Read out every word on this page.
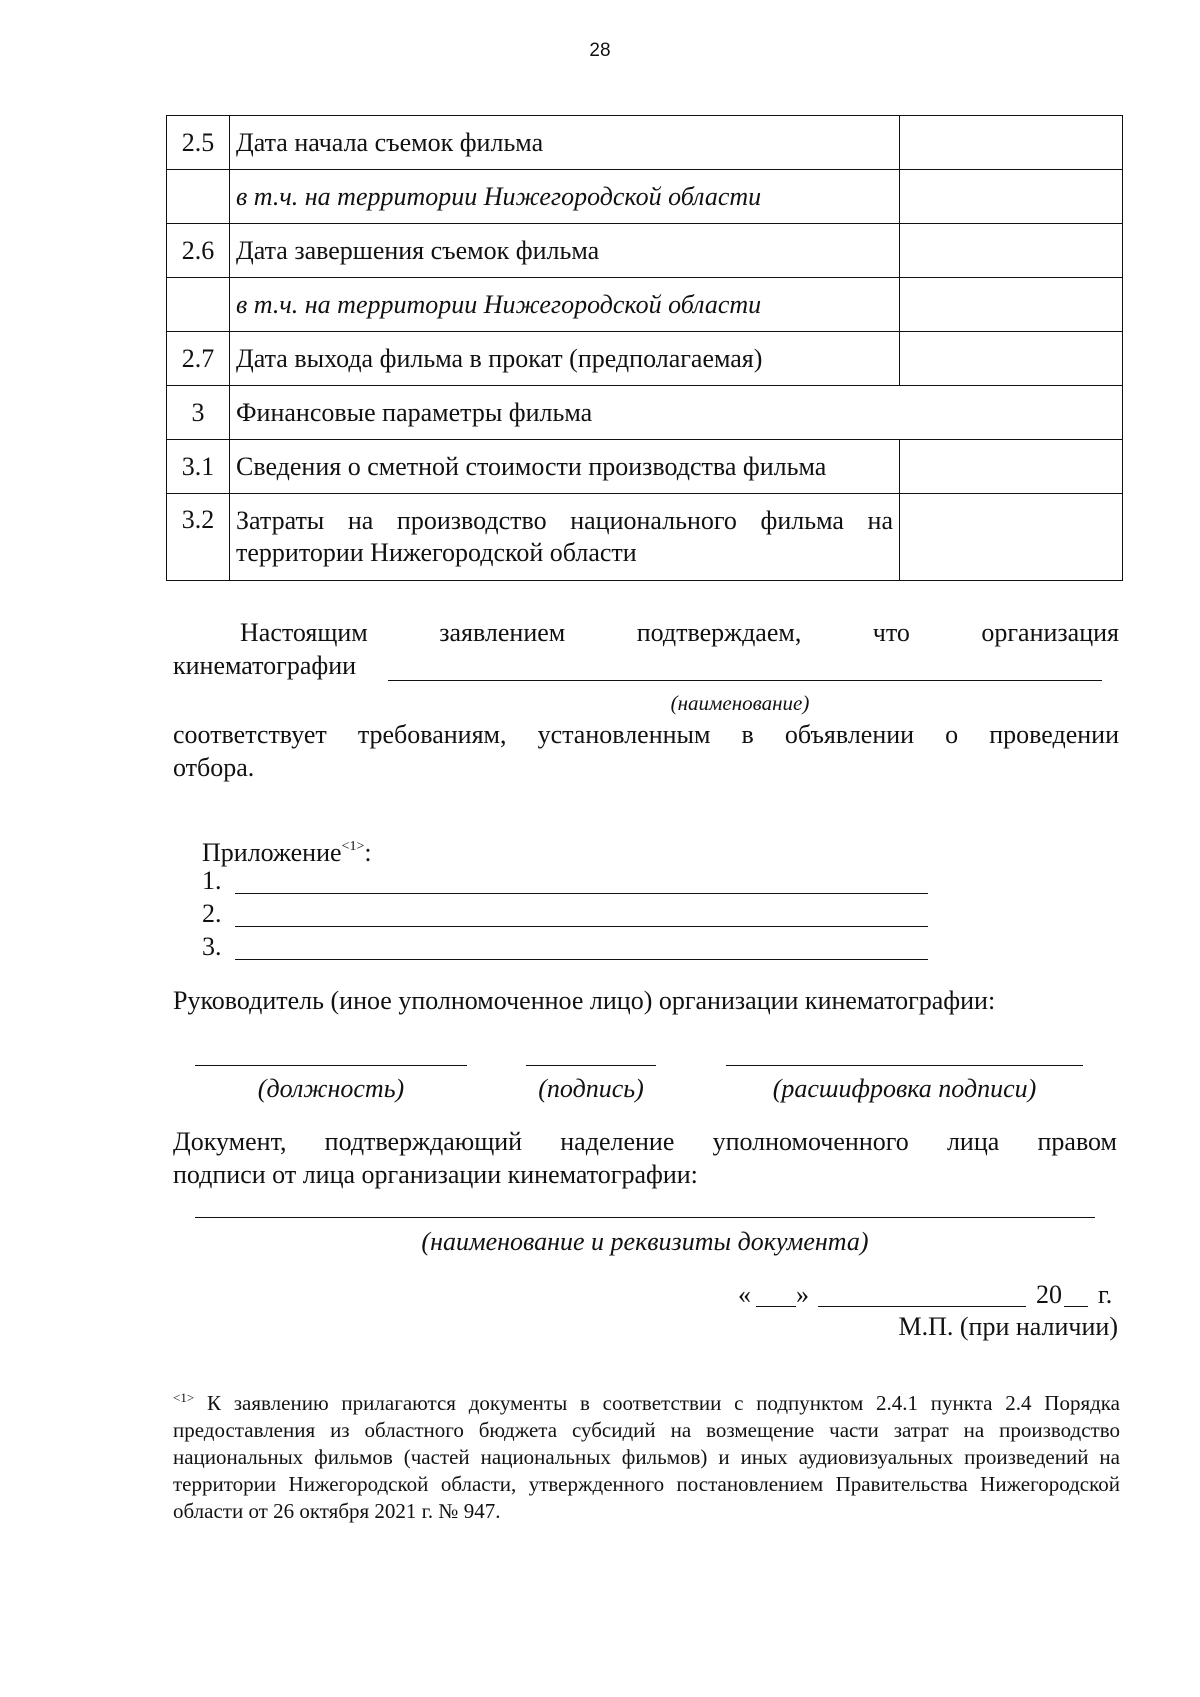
28
2.5	Дата начала съемок фильма	
	в т.ч. на территории Нижегородской области	
2.6	Дата завершения съемок фильма	
	в т.ч. на территории Нижегородской области	
2.7	Дата выхода фильма в прокат (предполагаемая)	
3	Финансовые параметры фильма	
3.1	Сведения о сметной стоимости производства фильма	
3.2	Затраты на производство национального фильма на территории Нижегородской области	
Настоящим заявлением подтверждаем, что организация
кинематографии
(наименование)
соответствует требованиям, установленным в объявлении о проведении
отбора.
Приложение$^{<1>}$:
1.
2.
3.
Руководитель (иное уполномоченное лицо) организации кинематографии:
(должность)	(подпись)	(расшифровка подписи)
Документ, подтверждающий наделение уполномоченного лица правом
подписи от лица организации кинематографии:
(наименование и реквизиты документа)
« »	20 г.
М.П. (при наличии)
$^{<1>}$ К заявлению прилагаются документы в соответствии с подпунктом 2.4.1 пункта 2.4 Порядка предоставления из областного бюджета субсидий на возмещение части затрат на производство национальных фильмов (частей национальных фильмов) и иных аудиовизуальных произведений на территории Нижегородской области, утвержденного постановлением Правительства Нижегородской области от 26 октября 2021 г. № 947.
